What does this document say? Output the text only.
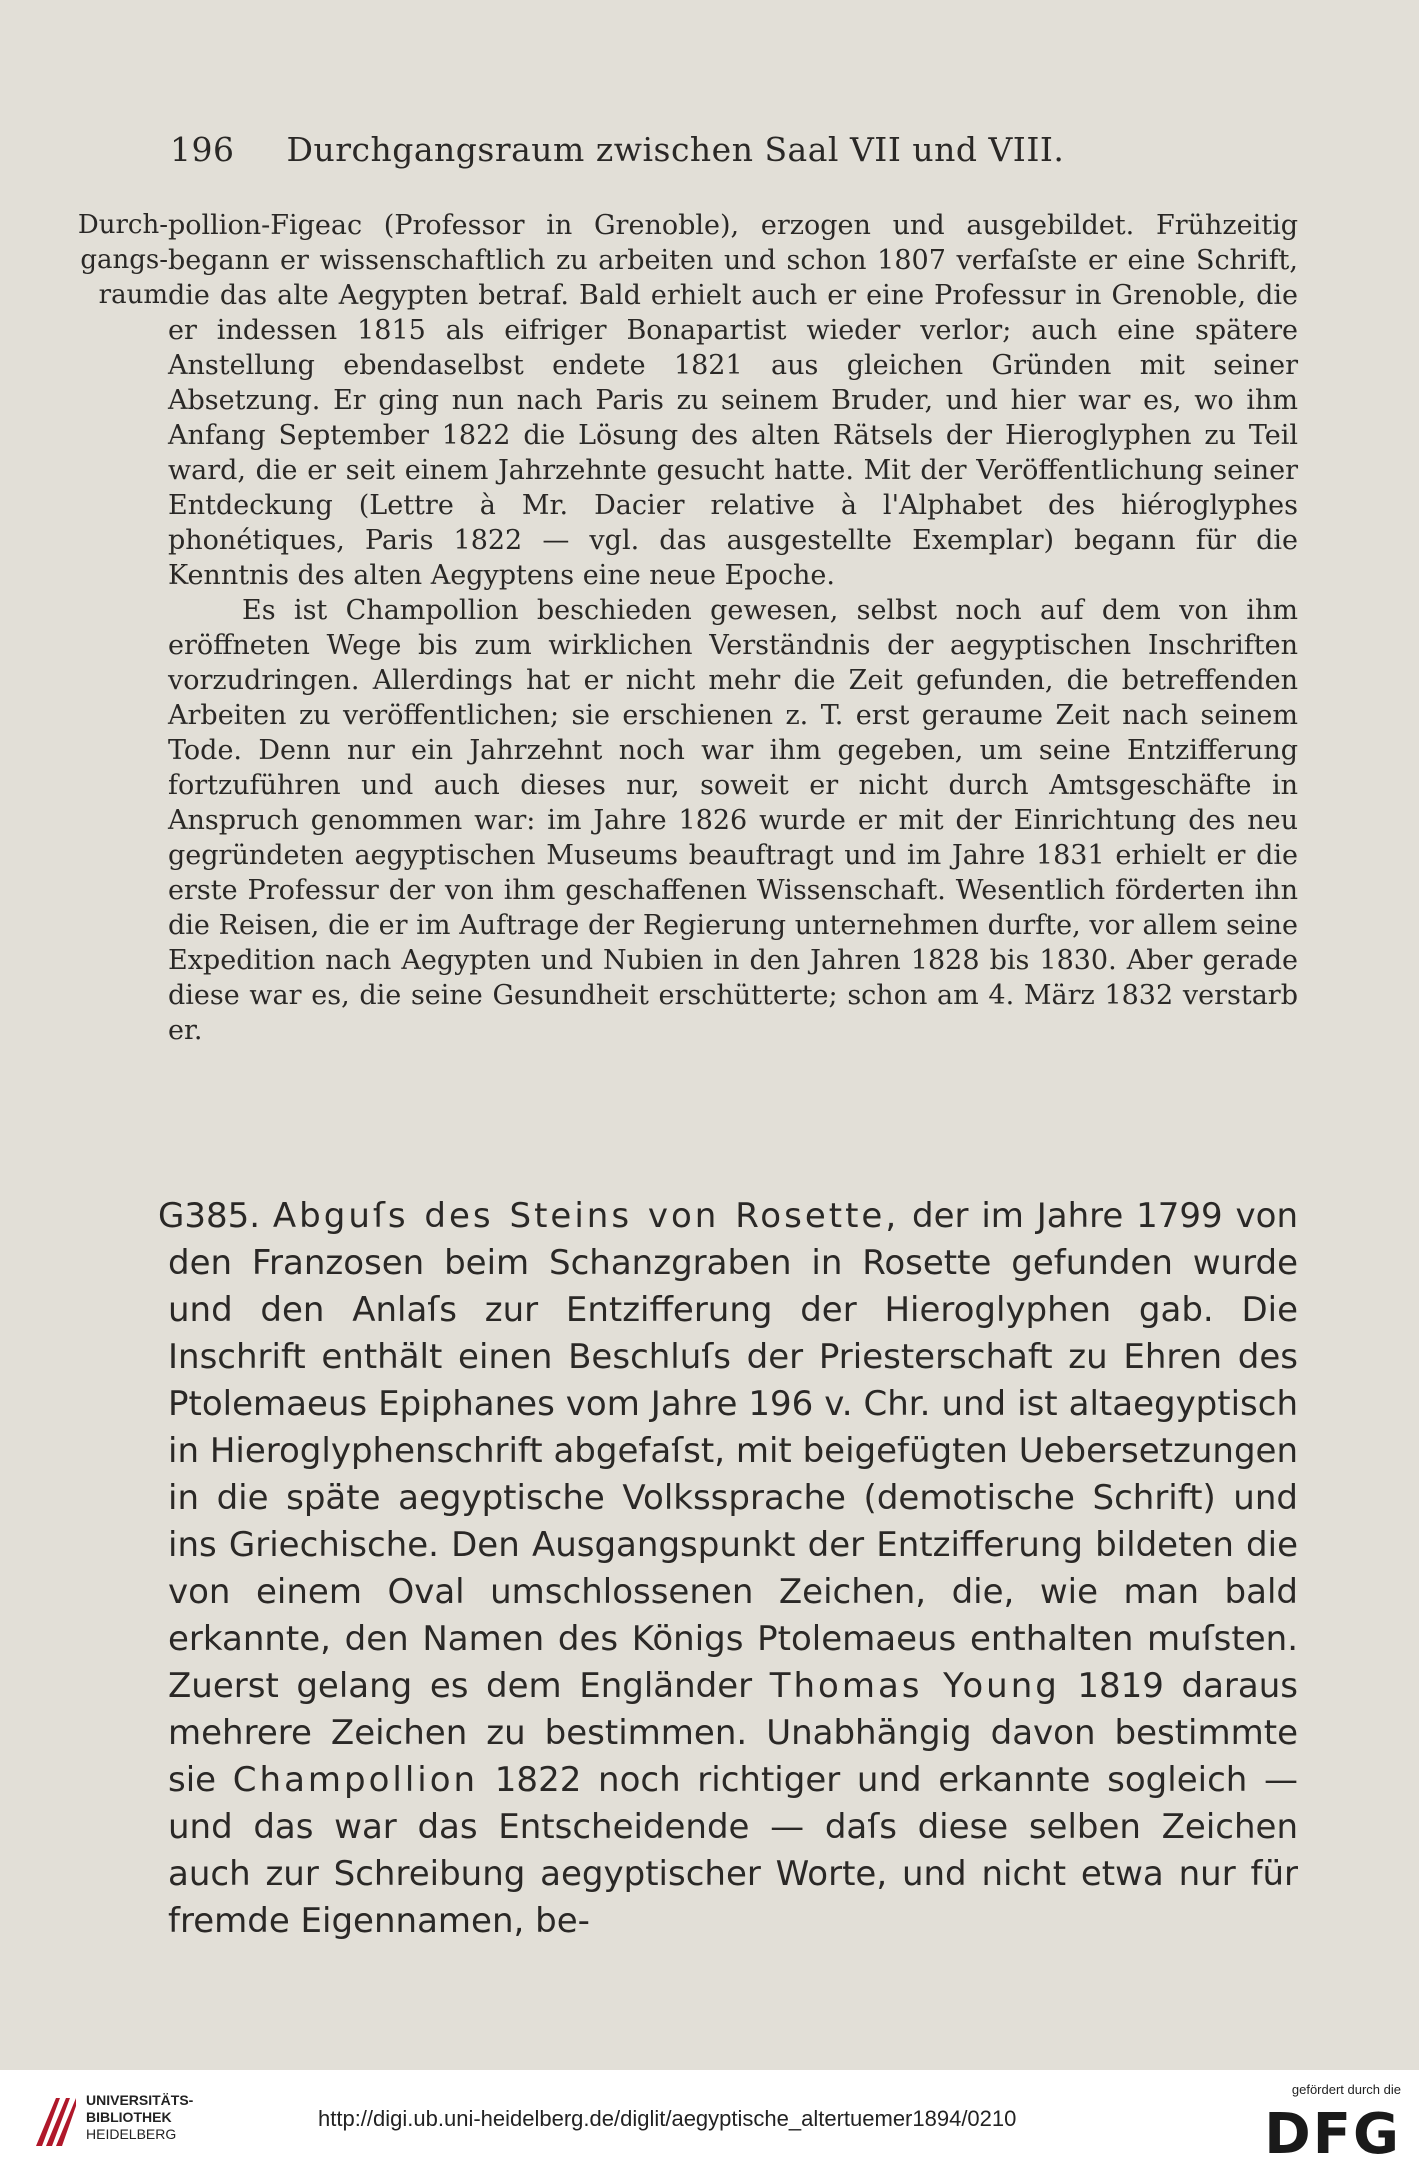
196 Durchgangsraum zwischen Saal VII und VIII.
Durch-
gangs-
raum

pollion-Figeac (Professor in Grenoble), erzogen und ausgebildet. Frühzeitig begann er wissenschaftlich zu arbeiten und schon 1807 verfaſste er eine Schrift, die das alte Aegypten betraf. Bald erhielt auch er eine Professur in Grenoble, die er indessen 1815 als eifriger Bonapartist wieder verlor; auch eine spätere Anstellung ebendaselbst endete 1821 aus gleichen Gründen mit seiner Absetzung. Er ging nun nach Paris zu seinem Bruder, und hier war es, wo ihm Anfang September 1822 die Lösung des alten Rätsels der Hieroglyphen zu Teil ward, die er seit einem Jahrzehnte gesucht hatte. Mit der Veröffentlichung seiner Entdeckung (Lettre à Mr. Dacier relative à l'Alphabet des hiéroglyphes phonétiques, Paris 1822 — vgl. das ausgestellte Exemplar) begann für die Kenntnis des alten Aegyptens eine neue Epoche.

Es ist Champollion beschieden gewesen, selbst noch auf dem von ihm eröffneten Wege bis zum wirklichen Verständnis der aegyptischen Inschriften vorzudringen. Allerdings hat er nicht mehr die Zeit gefunden, die betreffenden Arbeiten zu veröffentlichen; sie erschienen z. T. erst geraume Zeit nach seinem Tode. Denn nur ein Jahrzehnt noch war ihm gegeben, um seine Entzifferung fortzuführen und auch dieses nur, soweit er nicht durch Amtsgeschäfte in Anspruch genommen war: im Jahre 1826 wurde er mit der Einrichtung des neu gegründeten aegyptischen Museums beauftragt und im Jahre 1831 erhielt er die erste Professur der von ihm geschaffenen Wissenschaft. Wesentlich förderten ihn die Reisen, die er im Auftrage der Regierung unternehmen durfte, vor allem seine Expedition nach Aegypten und Nubien in den Jahren 1828 bis 1830. Aber gerade diese war es, die seine Gesundheit erschütterte; schon am 4. März 1832 verstarb er.

G385. Abguſs des Steins von Rosette, der im Jahre 1799 von den Franzosen beim Schanzgraben in Rosette gefunden wurde und den Anlaſs zur Entzifferung der Hieroglyphen gab. Die Inschrift enthält einen Beschluſs der Priesterschaft zu Ehren des Ptolemaeus Epiphanes vom Jahre 196 v. Chr. und ist altaegyptisch in Hieroglyphenschrift abgefaſst, mit beigefügten Uebersetzungen in die späte aegyptische Volkssprache (demotische Schrift) und ins Griechische. Den Ausgangspunkt der Entzifferung bildeten die von einem Oval umschlossenen Zeichen, die, wie man bald erkannte, den Namen des Königs Ptolemaeus enthalten muſsten. Zuerst gelang es dem Engländer Thomas Young 1819 daraus mehrere Zeichen zu bestimmen. Unabhängig davon bestimmte sie Champollion 1822 noch richtiger und erkannte sogleich — und das war das Entscheidende — daſs diese selben Zeichen auch zur Schreibung aegyptischer Worte, und nicht etwa nur für fremde Eigennamen, be-

UNIVERSITÄTS-
BIBLIOTHEK
HEIDELBERG
http://digi.ub.uni-heidelberg.de/diglit/aegyptische_altertuemer1894/0210
gefördert durch die
DFG
